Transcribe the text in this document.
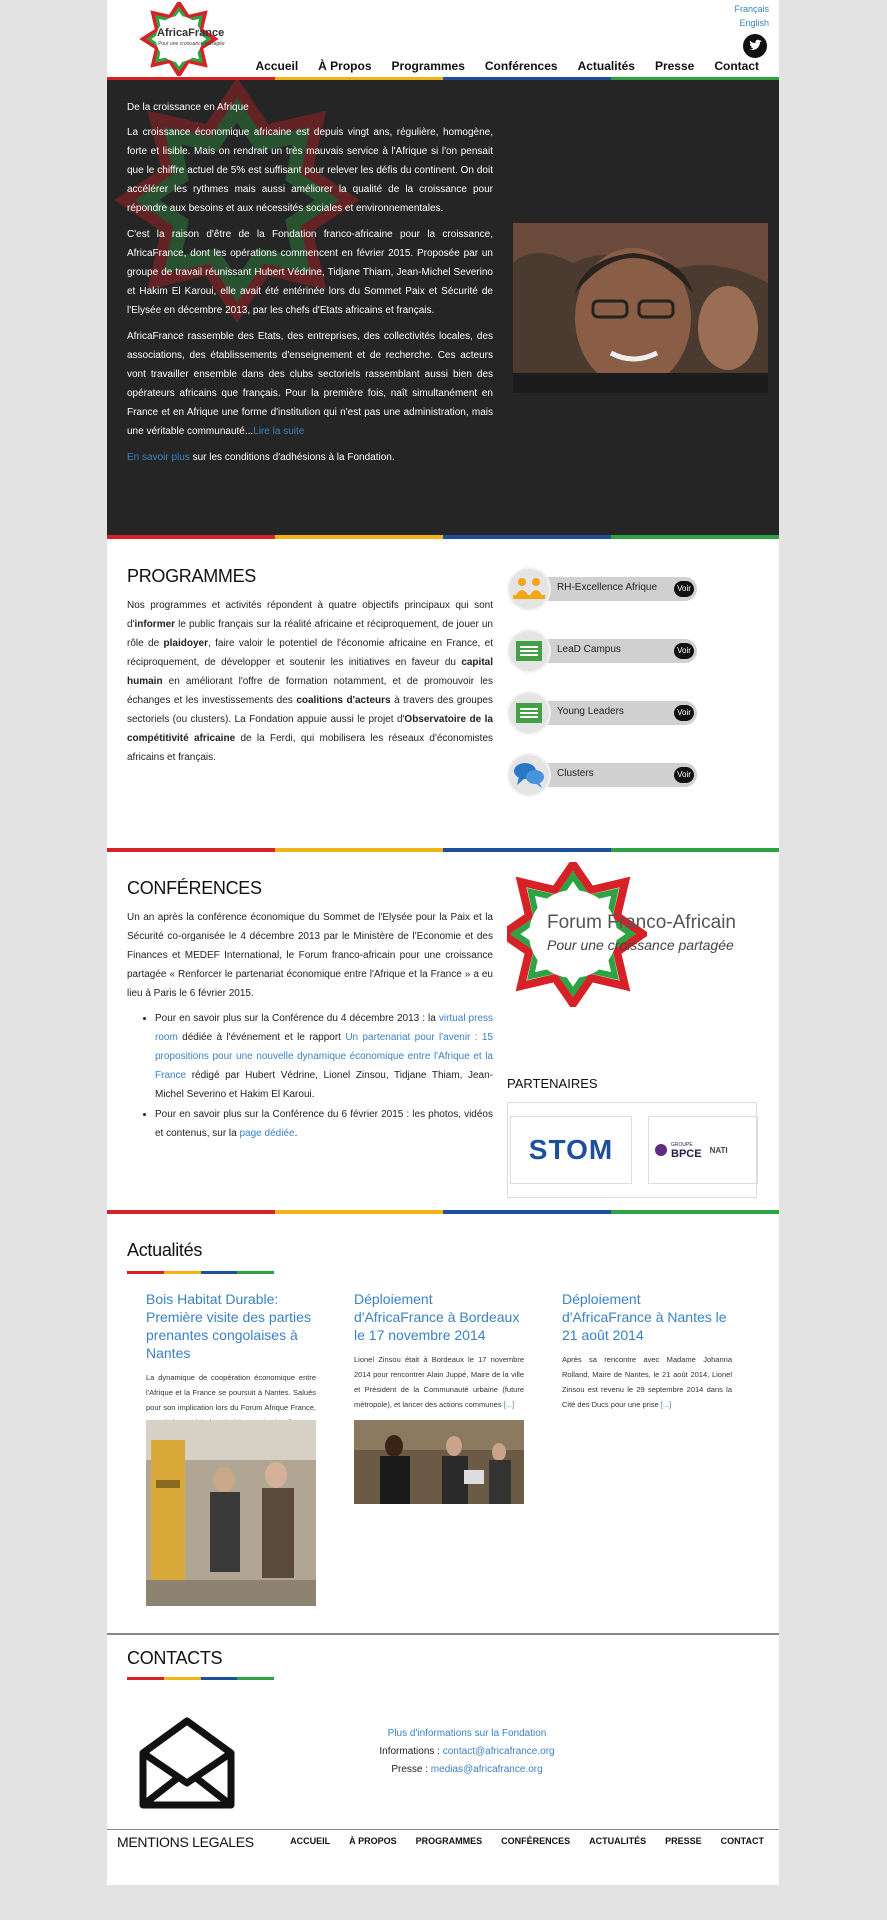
AfricaFrance
Pour une croissance partagée
Français
English
Accueil	À Propos	Programmes	Conférences	Actualités	Presse	Contact
De la croissance en Afrique

La croissance économique africaine est depuis vingt ans, régulière, homogène, forte et lisible. Mais on rendrait un très mauvais service à l'Afrique si l'on pensait que le chiffre actuel de 5% est suffisant pour relever les défis du continent. On doit accélérer les rythmes mais aussi améliorer la qualité de la croissance pour répondre aux besoins et aux nécessités sociales et environnementales.

C'est la raison d'être de la Fondation franco-africaine pour la croissance, AfricaFrance, dont les opérations commencent en février 2015. Proposée par un groupe de travail réunissant Hubert Védrine, Tidjane Thiam, Jean-Michel Severino et Hakim El Karoui, elle avait été entérinée lors du Sommet Paix et Sécurité de l'Elysée en décembre 2013, par les chefs d'Etats africains et français.

AfricaFrance rassemble des Etats, des entreprises, des collectivités locales, des associations, des établissements d'enseignement et de recherche. Ces acteurs vont travailler ensemble dans des clubs sectoriels rassemblant aussi bien des opérateurs africains que français. Pour la première fois, naît simultanément en France et en Afrique une forme d'institution qui n'est pas une administration, mais une véritable communauté...Lire la suite

En savoir plus sur les conditions d'adhésions à la Fondation.

PROGRAMMES
Nos programmes et activités répondent à quatre objectifs principaux qui sont d'informer le public français sur la réalité africaine et réciproquement, de jouer un rôle de plaidoyer, faire valoir le potentiel de l'économie africaine en France, et réciproquement, de développer et soutenir les initiatives en faveur du capital humain en améliorant l'offre de formation notamment, et de promouvoir les échanges et les investissements des coalitions d'acteurs à travers des groupes sectoriels (ou clusters). La Fondation appuie aussi le projet d'Observatoire de la compétitivité africaine de la Ferdi, qui mobilisera les réseaux d'économistes africains et français.
RH-Excellence Afrique	Voir
LeaD Campus	Voir
Young Leaders	Voir
Clusters	Voir
CONFÉRENCES
Un an après la conférence économique du Sommet de l'Elysée pour la Paix et la Sécurité co-organisée le 4 décembre 2013 par le Ministère de l'Economie et des Finances et MEDEF International, le Forum franco-africain pour une croissance partagée « Renforcer le partenariat économique entre l'Afrique et la France » a eu lieu à Paris le 6 février 2015.
• Pour en savoir plus sur la Conférence du 4 décembre 2013 : la virtual press room dédiée à l'événement et le rapport Un partenariat pour l'avenir : 15 propositions pour une nouvelle dynamique économique entre l'Afrique et la France rédigé par Hubert Védrine, Lionel Zinsou, Tidjane Thiam, Jean-Michel Severino et Hakim El Karoui.
• Pour en savoir plus sur la Conférence du 6 février 2015 : les photos, vidéos et contenus, sur la page dédiée.
Forum Franco-Africain
Pour une croissance partagée
PARTENAIRES
STOM	GROUPE
BPCE NATI
Actualités
Bois Habitat Durable: Première visite des parties prenantes congolaises à Nantes
La dynamique de coopération économique entre l'Afrique et la France se poursuit à Nantes. Salués pour son implication lors du Forum Afrique France,
Déploiement d'AfricaFrance à Bordeaux le 17 novembre 2014
Lionel Zinsou était à Bordeaux le 17 novembre 2014 pour rencontrer Alain Juppé, Maire de la ville et Président de la Communauté urbaine (future métropole), et lancer des actions communes [...]
Déploiement d'AfricaFrance à Nantes le 21 août 2014
Après sa rencontre avec Madame Johanna Rolland, Maire de Nantes, le 21 août 2014, Lionel Zinsou est revenu le 29 septembre 2014 dans la Cité des Ducs pour une prise [...]
CONTACTS
Plus d'informations sur la Fondation
Informations : contact@africafrance.org
Presse : medias@africafrance.org
MENTIONS LEGALES	ACCUEIL À PROPOS PROGRAMMES CONFÉRENCES ACTUALITÉS PRESSE CONTACT
